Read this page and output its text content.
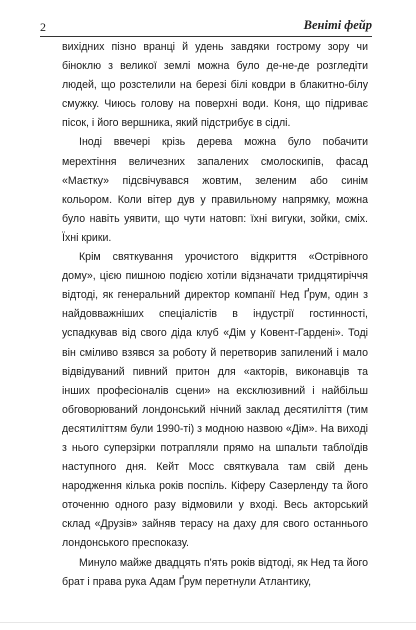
2	Веніті фейр

вихідних пізно вранці й удень завдяки гострому зору чи біноклю з великої землі можна було де-не-де розгледіти людей, що розстелили на березі білі ковдри в блакитно-білу смужку. Чиюсь голову на поверхні води. Коня, що підриває пісок, і його вершника, який підстрибує в сідлі.

Іноді ввечері крізь дерева можна було побачити мерехтіння величезних запалених смолоскипів, фасад «Маєтку» підсвічувався жовтим, зеленим або синім кольором. Коли вітер дув у правильному напрямку, можна було навіть уявити, що чути натовп: їхні вигуки, зойки, сміх. Їхні крики.

Крім святкування урочистого відкриття «Острівного дому», цією пишною подією хотіли відзначати тридцятиріччя відтоді, як генеральний директор компанії Нед Ґрум, один з найдовважніших спеціалістів в індустрії гостинності, успадкував від свого діда клуб «Дім у Ковент-Гардені». Тоді він сміливо взявся за роботу й перетворив запилений і мало відвідуваний пивний притон для «акторів, виконавців та інших професіоналів сцени» на ексклюзивний і найбільш обговорюваний лондонський нічний заклад десятиліття (тим десятиліттям були 1990-ті) з модною назвою «Дім». На виході з нього суперзірки потрапляли прямо на шпальти таблоїдів наступного дня. Кейт Мосс святкувала там свій день народження кілька років поспіль. Кіферу Сазерленду та його оточенню одного разу відмовили у вході. Весь акторський склад «Друзів» зайняв терасу на даху для свого останнього лондонського преспоказу.

Минуло майже двадцять п'ять років відтоді, як Нед та його брат і права рука Адам Ґрум перетнули Атлантику,
